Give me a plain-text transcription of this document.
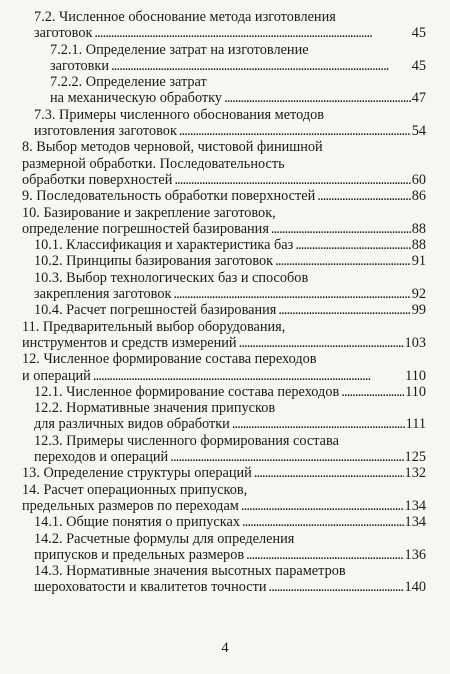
7.2. Численное обоснование метода изготовления
заготовок . . .	45
7.2.1. Определение затрат на изготовление
заготовки . . .	45
7.2.2. Определение затрат
на механическую обработку . . .	47
7.3. Примеры численного обоснования методов
изготовления заготовок . . .	54
8. Выбор методов черновой, чистовой финишной
размерной обработки. Последовательность
обработки поверхностей . . .	60
9. Последовательность обработки поверхностей . . .	86
10. Базирование и закрепление заготовок,
определение погрешностей базирования . . .	88
10.1. Классификация и характеристика баз . . .	88
10.2. Принципы базирования заготовок . . .	91
10.3. Выбор технологических баз и способов
закрепления заготовок . . .	92
10.4. Расчет погрешностей базирования . . .	99
11. Предварительный выбор оборудования,
инструментов и средств измерений . . .	103
12. Численное формирование состава переходов
и операций . . .	110
12.1. Численное формирование состава переходов . . .	110
12.2. Нормативные значения припусков
для различных видов обработки . . .	111
12.3. Примеры численного формирования состава
переходов и операций . . .	125
13. Определение структуры операций . . .	132
14. Расчет операционных припусков,
предельных размеров по переходам . . .	134
14.1. Общие понятия о припусках . . .	134
14.2. Расчетные формулы для определения
припусков и предельных размеров . . .	136
14.3. Нормативные значения высотных параметров
шероховатости и квалитетов точности . . .	140
4
